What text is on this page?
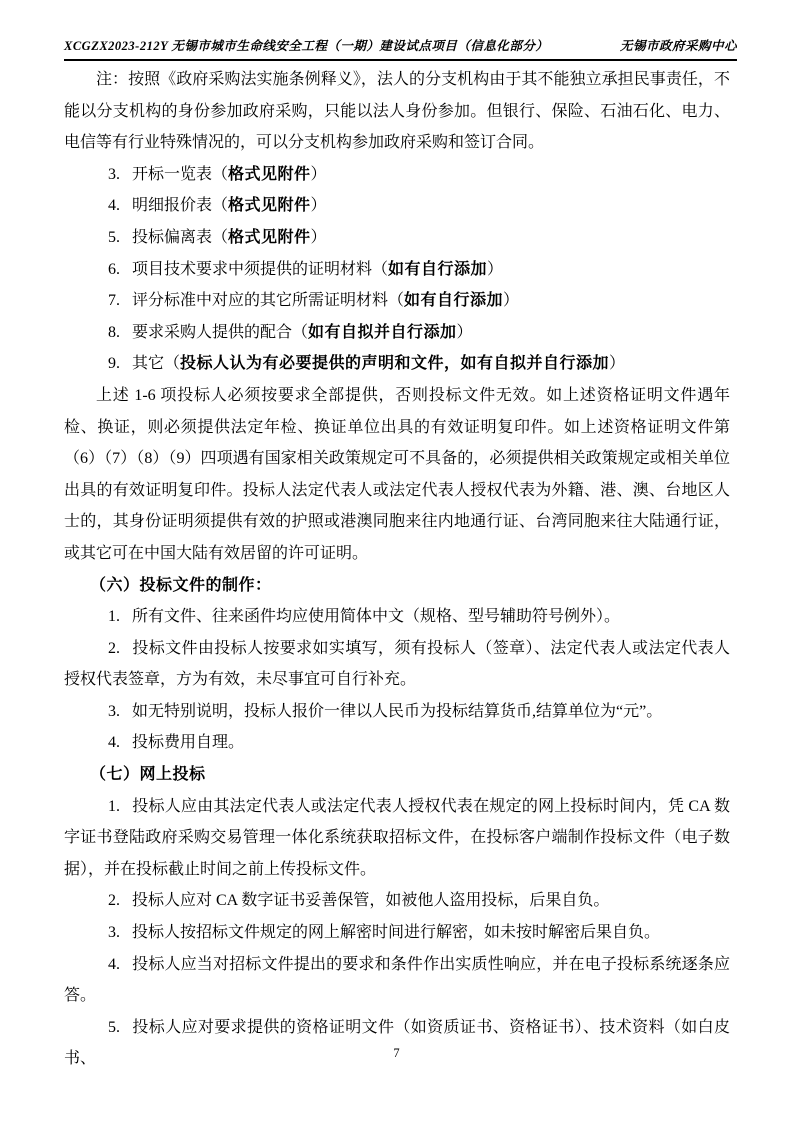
XCGZX2023-212Y 无锡市城市生命线安全工程（一期）建设试点项目（信息化部分）	无锡市政府采购中心

注：按照《政府采购法实施条例释义》，法人的分支机构由于其不能独立承担民事责任，不能以分支机构的身份参加政府采购，只能以法人身份参加。但银行、保险、石油石化、电力、电信等有行业特殊情况的，可以分支机构参加政府采购和签订合同。

3. 开标一览表（格式见附件）

4. 明细报价表（格式见附件）

5. 投标偏离表（格式见附件）

6. 项目技术要求中须提供的证明材料（如有自行添加）

7. 评分标准中对应的其它所需证明材料（如有自行添加）

8. 要求采购人提供的配合（如有自拟并自行添加）

9. 其它（投标人认为有必要提供的声明和文件，如有自拟并自行添加）

上述 1-6 项投标人必须按要求全部提供，否则投标文件无效。如上述资格证明文件遇年检、换证，则必须提供法定年检、换证单位出具的有效证明复印件。如上述资格证明文件第（6）（7）（8）（9）四项遇有国家相关政策规定可不具备的，必须提供相关政策规定或相关单位出具的有效证明复印件。投标人法定代表人或法定代表人授权代表为外籍、港、澳、台地区人士的，其身份证明须提供有效的护照或港澳同胞来往内地通行证、台湾同胞来往大陆通行证，或其它可在中国大陆有效居留的许可证明。

（六）投标文件的制作：

1. 所有文件、往来函件均应使用简体中文（规格、型号辅助符号例外）。

2. 投标文件由投标人按要求如实填写，须有投标人（签章）、法定代表人或法定代表人授权代表签章，方为有效，未尽事宜可自行补充。

3. 如无特别说明，投标人报价一律以人民币为投标结算货币,结算单位为“元”。

4. 投标费用自理。

（七）网上投标

1. 投标人应由其法定代表人或法定代表人授权代表在规定的网上投标时间内，凭 CA 数字证书登陆政府采购交易管理一体化系统获取招标文件，在投标客户端制作投标文件（电子数据），并在投标截止时间之前上传投标文件。

2. 投标人应对 CA 数字证书妥善保管，如被他人盗用投标，后果自负。

3. 投标人按招标文件规定的网上解密时间进行解密，如未按时解密后果自负。

4. 投标人应当对招标文件提出的要求和条件作出实质性响应，并在电子投标系统逐条应答。

5. 投标人应对要求提供的资格证明文件（如资质证书、资格证书）、技术资料（如白皮书、	7
